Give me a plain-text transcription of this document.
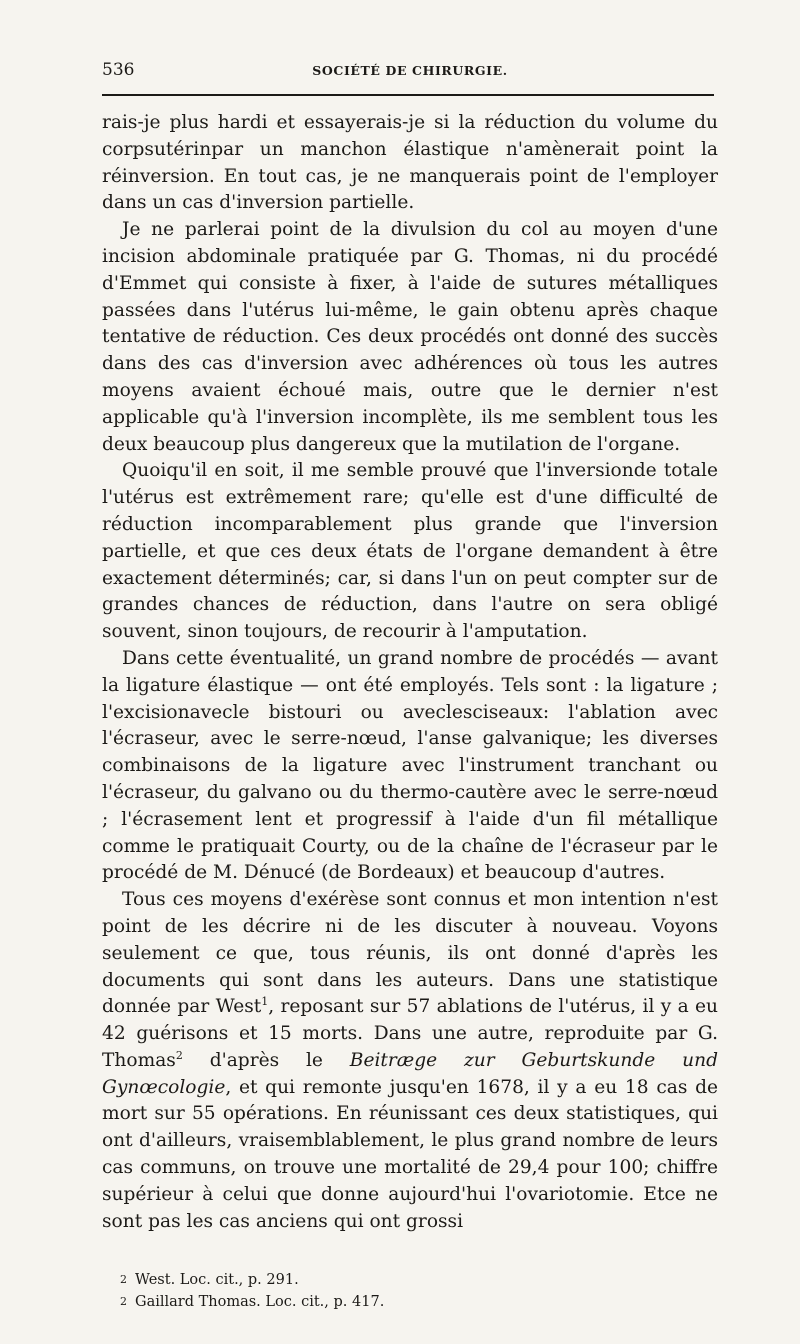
536	SOCIÉTÉ DE CHIRURGIE.

rais-je plus hardi et essayerais-je si la réduction du volume du corpsutérinpar un manchon élastique n'amènerait point la réinversion. En tout cas, je ne manquerais point de l'employer dans un cas d'inversion partielle.

Je ne parlerai point de la divulsion du col au moyen d'une incision abdominale pratiquée par G. Thomas, ni du procédé d'Emmet qui consiste à fixer, à l'aide de sutures métalliques passées dans l'utérus lui-même, le gain obtenu après chaque tentative de réduction. Ces deux procédés ont donné des succès dans des cas d'inversion avec adhérences où tous les autres moyens avaient échoué mais, outre que le dernier n'est applicable qu'à l'inversion incomplète, ils me semblent tous les deux beaucoup plus dangereux que la mutilation de l'organe.

Quoiqu'il en soit, il me semble prouvé que l'inversionde totale l'utérus est extrêmement rare; qu'elle est d'une difficulté de réduction incomparablement plus grande que l'inversion partielle, et que ces deux états de l'organe demandent à être exactement déterminés; car, si dans l'un on peut compter sur de grandes chances de réduction, dans l'autre on sera obligé souvent, sinon toujours, de recourir à l'amputation.

Dans cette éventualité, un grand nombre de procédés — avant la ligature élastique — ont été employés. Tels sont : la ligature ; l'excisionavecle bistouri ou aveclesciseaux: l'ablation avec l'écraseur, avec le serre-nœud, l'anse galvanique; les diverses combinaisons de la ligature avec l'instrument tranchant ou l'écraseur, du galvano ou du thermo-cautère avec le serre-nœud ; l'écrasement lent et progressif à l'aide d'un fil métallique comme le pratiquait Courty, ou de la chaîne de l'écraseur par le procédé de M. Dénucé (de Bordeaux) et beaucoup d'autres.

Tous ces moyens d'exérèse sont connus et mon intention n'est point de les décrire ni de les discuter à nouveau. Voyons seulement ce que, tous réunis, ils ont donné d'après les documents qui sont dans les auteurs. Dans une statistique donnée par West$^1$, reposant sur 57 ablations de l'utérus, il y a eu 42 guérisons et 15 morts. Dans une autre, reproduite par G. Thomas$^2$ d'après le Beitræge zur Geburtskunde und Gynœcologie, et qui remonte jusqu'en 1678, il y a eu 18 cas de mort sur 55 opérations. En réunissant ces deux statistiques, qui ont d'ailleurs, vraisemblablement, le plus grand nombre de leurs cas communs, on trouve une mortalité de 29,4 pour 100; chiffre supérieur à celui que donne aujourd'hui l'ovariotomie. Etce ne sont pas les cas anciens qui ont grossi

2 West. Loc. cit., p. 291.
2 Gaillard Thomas. Loc. cit., p. 417.
